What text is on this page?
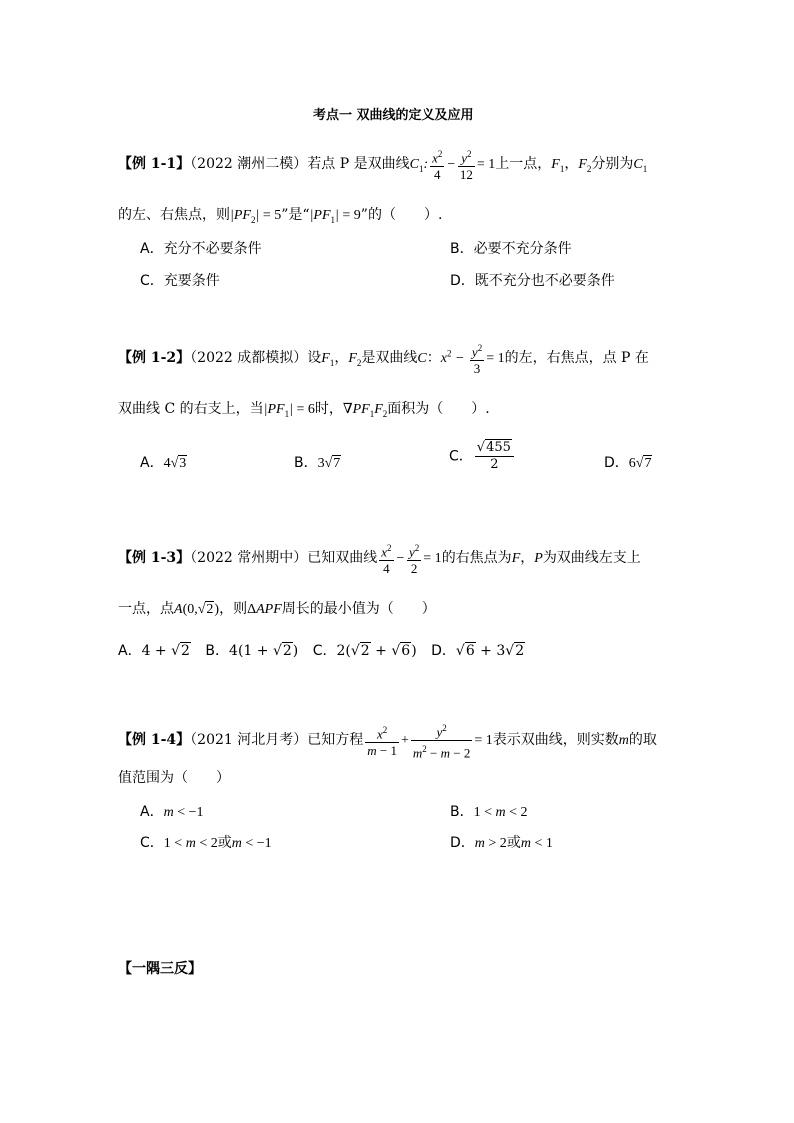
考点一 双曲线的定义及应用
【例 1-1】（2022 潮州二模）若点 P 是双曲线$C_1$: $\frac{x^2}{4} - \frac{y^2}{12} = 1$上一点，$F_1$，$F_2$分别为$C_1$
的左、右焦点，则$|PF_2| = 5$”是“$|PF_1| = 9$”的（　　）.
A．充分不必要条件	B．必要不充分条件
C．充要条件	D．既不充分也不必要条件
【例 1-2】（2022 成都模拟）设$F_1$，$F_2$是双曲线C：$x^2 - \frac{y^2}{3} = 1$的左，右焦点，点 P 在
双曲线 C 的右支上，当$|PF_1| = 6$时，$\nabla PF_1F_2$面积为（　　）.
A．4√3	B．3√7	C． $\frac{√455}{2}$	D．6√7
【例 1-3】（2022 常州期中）已知双曲线 $\frac{x^2}{4} - \frac{y^2}{2} = 1$的右焦点为F，P为双曲线左支上
一点，点A(0,√2)，则ΔAPF周长的最小值为（　　）
A．4 + √2 B．4(1 + √2) C．2(√2 + √6) D．√6 + 3√2
【例 1-4】（2021 河北月考）已知方程 $\frac{x^2}{m - 1} + \frac{y^2}{m^2 - m - 2} = 1$表示双曲线，则实数m的取
值范围为（　　）
A．m < −1	B．1 < m < 2
C．1 < m < 2或m < −1	D．m > 2或m < 1
【一隅三反】
